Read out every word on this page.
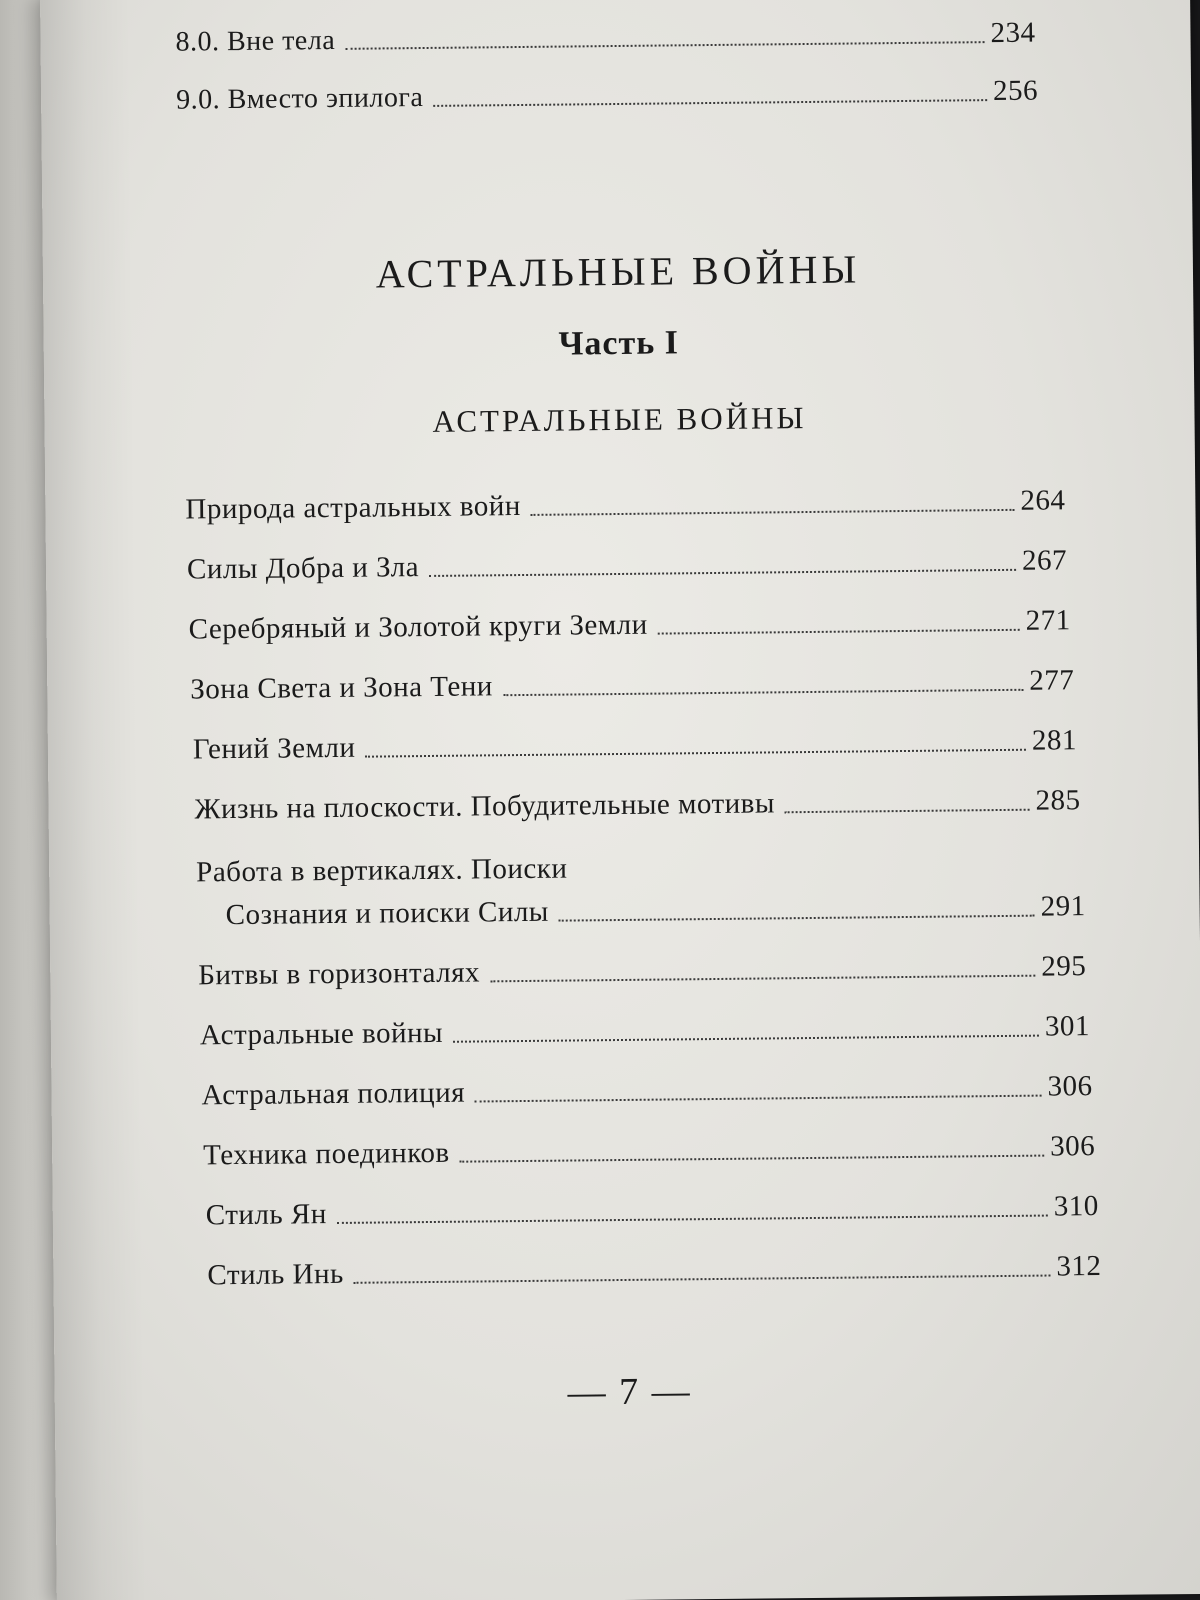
8.0. Вне тела	234
9.0. Вместо эпилога	256
АСТРАЛЬНЫЕ ВОЙНЫ
Часть I
АСТРАЛЬНЫЕ ВОЙНЫ
Природа астральных войн	264
Силы Добра и Зла	267
Серебряный и Золотой круги Земли	271
Зона Света и Зона Тени	277
Гений Земли	281
Жизнь на плоскости. Побудительные мотивы	285
Работа в вертикалях. Поиски
Сознания и поиски Силы	291
Битвы в горизонталях	295
Астральные войны	301
Астральная полиция	306
Техника поединков	306
Стиль Ян	310
Стиль Инь	312
— 7 —
